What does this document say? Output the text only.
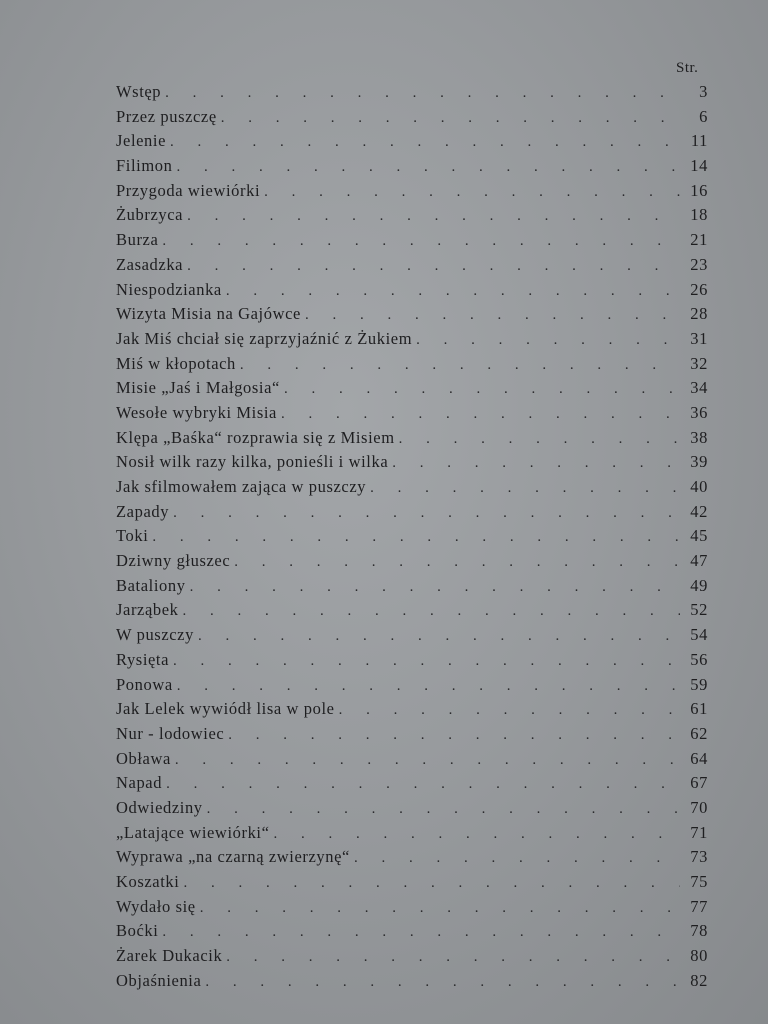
Str.
Wstęp . . .	3
Przez puszczę . . .	6
Jelenie . . .	11
Filimon . . .	14
Przygoda wiewiórki . . .	16
Żubrzyca . . .	18
Burza . . .	21
Zasadzka . . .	23
Niespodzianka . . .	26
Wizyta Misia na Gajówce . . .	28
Jak Miś chciał się zaprzyjaźnić z Żukiem . . .	31
Miś w kłopotach . . .	32
Misie „Jaś i Małgosia“ . . .	34
Wesołe wybryki Misia . . .	36
Klępa „Baśka“ rozprawia się z Misiem . . .	38
Nosił wilk razy kilka, ponieśli i wilka . . .	39
Jak sfilmowałem zająca w puszczy . . .	40
Zapady . . .	42
Toki . . .	45
Dziwny głuszec . . .	47
Bataliony . . .	49
Jarząbek . . .	52
W puszczy . . .	54
Rysięta . . .	56
Ponowa . . .	59
Jak Lelek wywiódł lisa w pole . . .	61
Nur - lodowiec . . .	62
Obława . . .	64
Napad . . .	67
Odwiedziny . . .	70
„Latające wiewiórki“ . . .	71
Wyprawa „na czarną zwierzynę“ . . .	73
Koszatki . . .	75
Wydało się . . .	77
Boćki . . .	78
Żarek Dukacik . . .	80
Objaśnienia . . .	82
